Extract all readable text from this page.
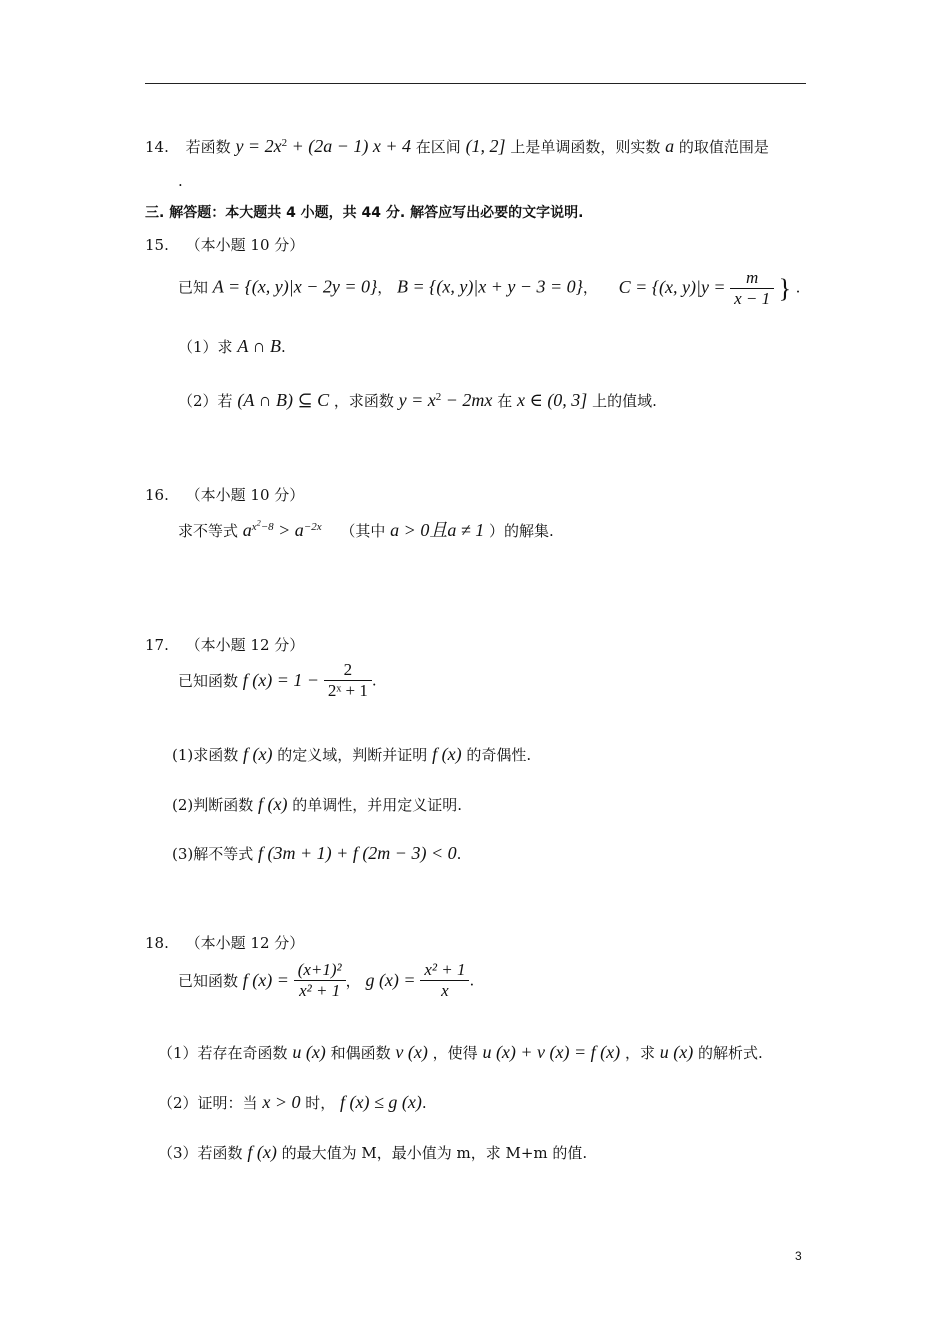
14. 若函数 $y = 2x^2 + (2a - 1) x + 4$ 在区间 (1, 2] 上是单调函数，则实数 a 的取值范围是
.
三. 解答题：本大题共 4 小题，共 44 分. 解答应写出必要的文字说明.
15. （本小题 10 分）
已知 A = {(x, y)|x − 2y = 0}， B = {(x, y)|x + y − 3 = 0}， C = {(x, $y)|y = \frac{m}{x - 1}$ } .
（1）求 A ∩ B.
（2）若 (A ∩ B) ⊆ C ，求函数 $y = x^2 - 2mx$ 在 x ∈ (0, 3] 上的值域.
16. （本小题 10 分）
求不等式 $a^{x^2-8} > a^{-2x}$ （其中 a > 0且a ≠ 1 ）的解集.
17. （本小题 12 分）
已知函数 f $(x) = 1 - \frac{2}{\text{2ˣ + 1}}$ .
(1)求函数 f (x) 的定义域，判断并证明 f (x) 的奇偶性.
(2)判断函数 f (x) 的单调性，并用定义证明.
(3)解不等式 f (3m + 1) + f (2m − 3) < 0.
18. （本小题 12 分）
已知函数 f $(x) = \frac{\text{(x+1)²}}{\text{x² + 1}}$ ， g $(x) = \frac{\text{x² + 1}}{x}$ .
（1）若存在奇函数 u (x) 和偶函数 v (x) ，使得 u (x) + v (x) = f (x) ，求 u (x) 的解析式.
（2）证明：当 x > 0 时， f (x) ≤ g (x).
（3）若函数 f (x) 的最大值为 M，最小值为 m，求 M+m 的值.
3
